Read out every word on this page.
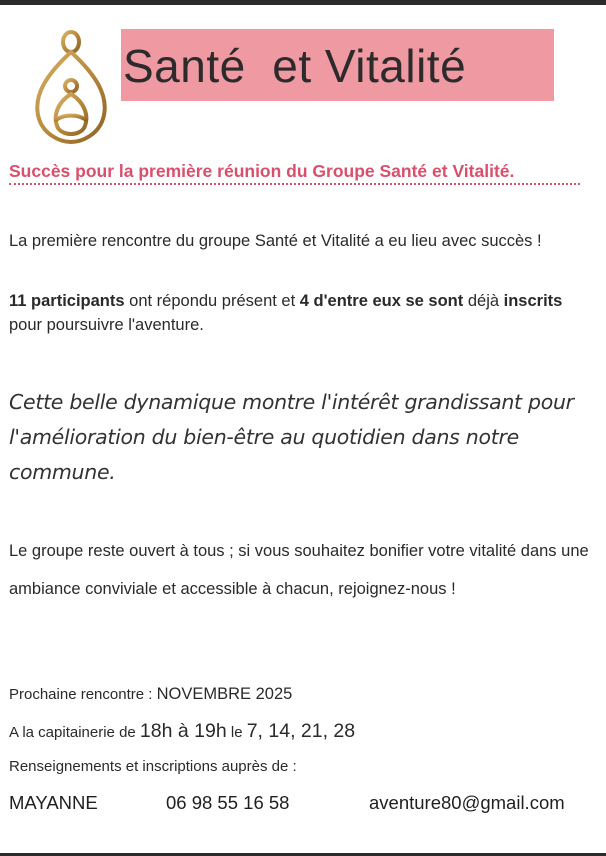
Santé  et Vitalité
Succès pour la première réunion du Groupe Santé et Vitalité.
La première rencontre du groupe Santé et Vitalité a eu lieu avec succès !
11 participants ont répondu présent et 4 d'entre eux se sont déjà inscrits pour poursuivre l'aventure.
Cette belle dynamique montre l'intérêt grandissant pour l'amélioration du bien-être au quotidien dans notre commune.
Le groupe reste ouvert à tous ; si vous souhaitez bonifier votre vitalité dans une ambiance conviviale et accessible à chacun, rejoignez-nous !
Prochaine rencontre : NOVEMBRE 2025
A la capitainerie de 18h à 19h le 7, 14, 21, 28
Renseignements et inscriptions auprès de :
MAYANNE	06 98 55 16 58	aventure80@gmail.com
